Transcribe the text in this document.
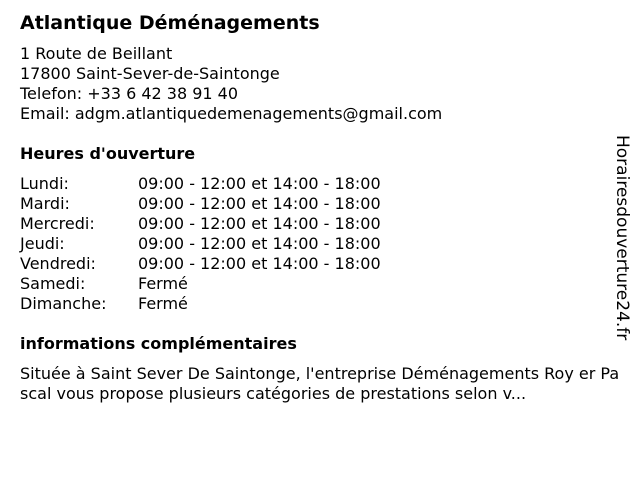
Atlantique Déménagements
1 Route de Beillant
17800 Saint-Sever-de-Saintonge
Telefon: +33 6 42 38 91 40
Email: adgm.atlantiquedemenagements@gmail.com
Heures d'ouverture
Lundi:	09:00 - 12:00 et 14:00 - 18:00
Mardi:	09:00 - 12:00 et 14:00 - 18:00
Mercredi:	09:00 - 12:00 et 14:00 - 18:00
Jeudi:	09:00 - 12:00 et 14:00 - 18:00
Vendredi:	09:00 - 12:00 et 14:00 - 18:00
Samedi:	Fermé
Dimanche:	Fermé
informations complémentaires
Située à Saint Sever De Saintonge, l'entreprise Déménagements Roy er Pascal vous propose plusieurs catégories de prestations selon v...
Horairesdouverture24.fr
